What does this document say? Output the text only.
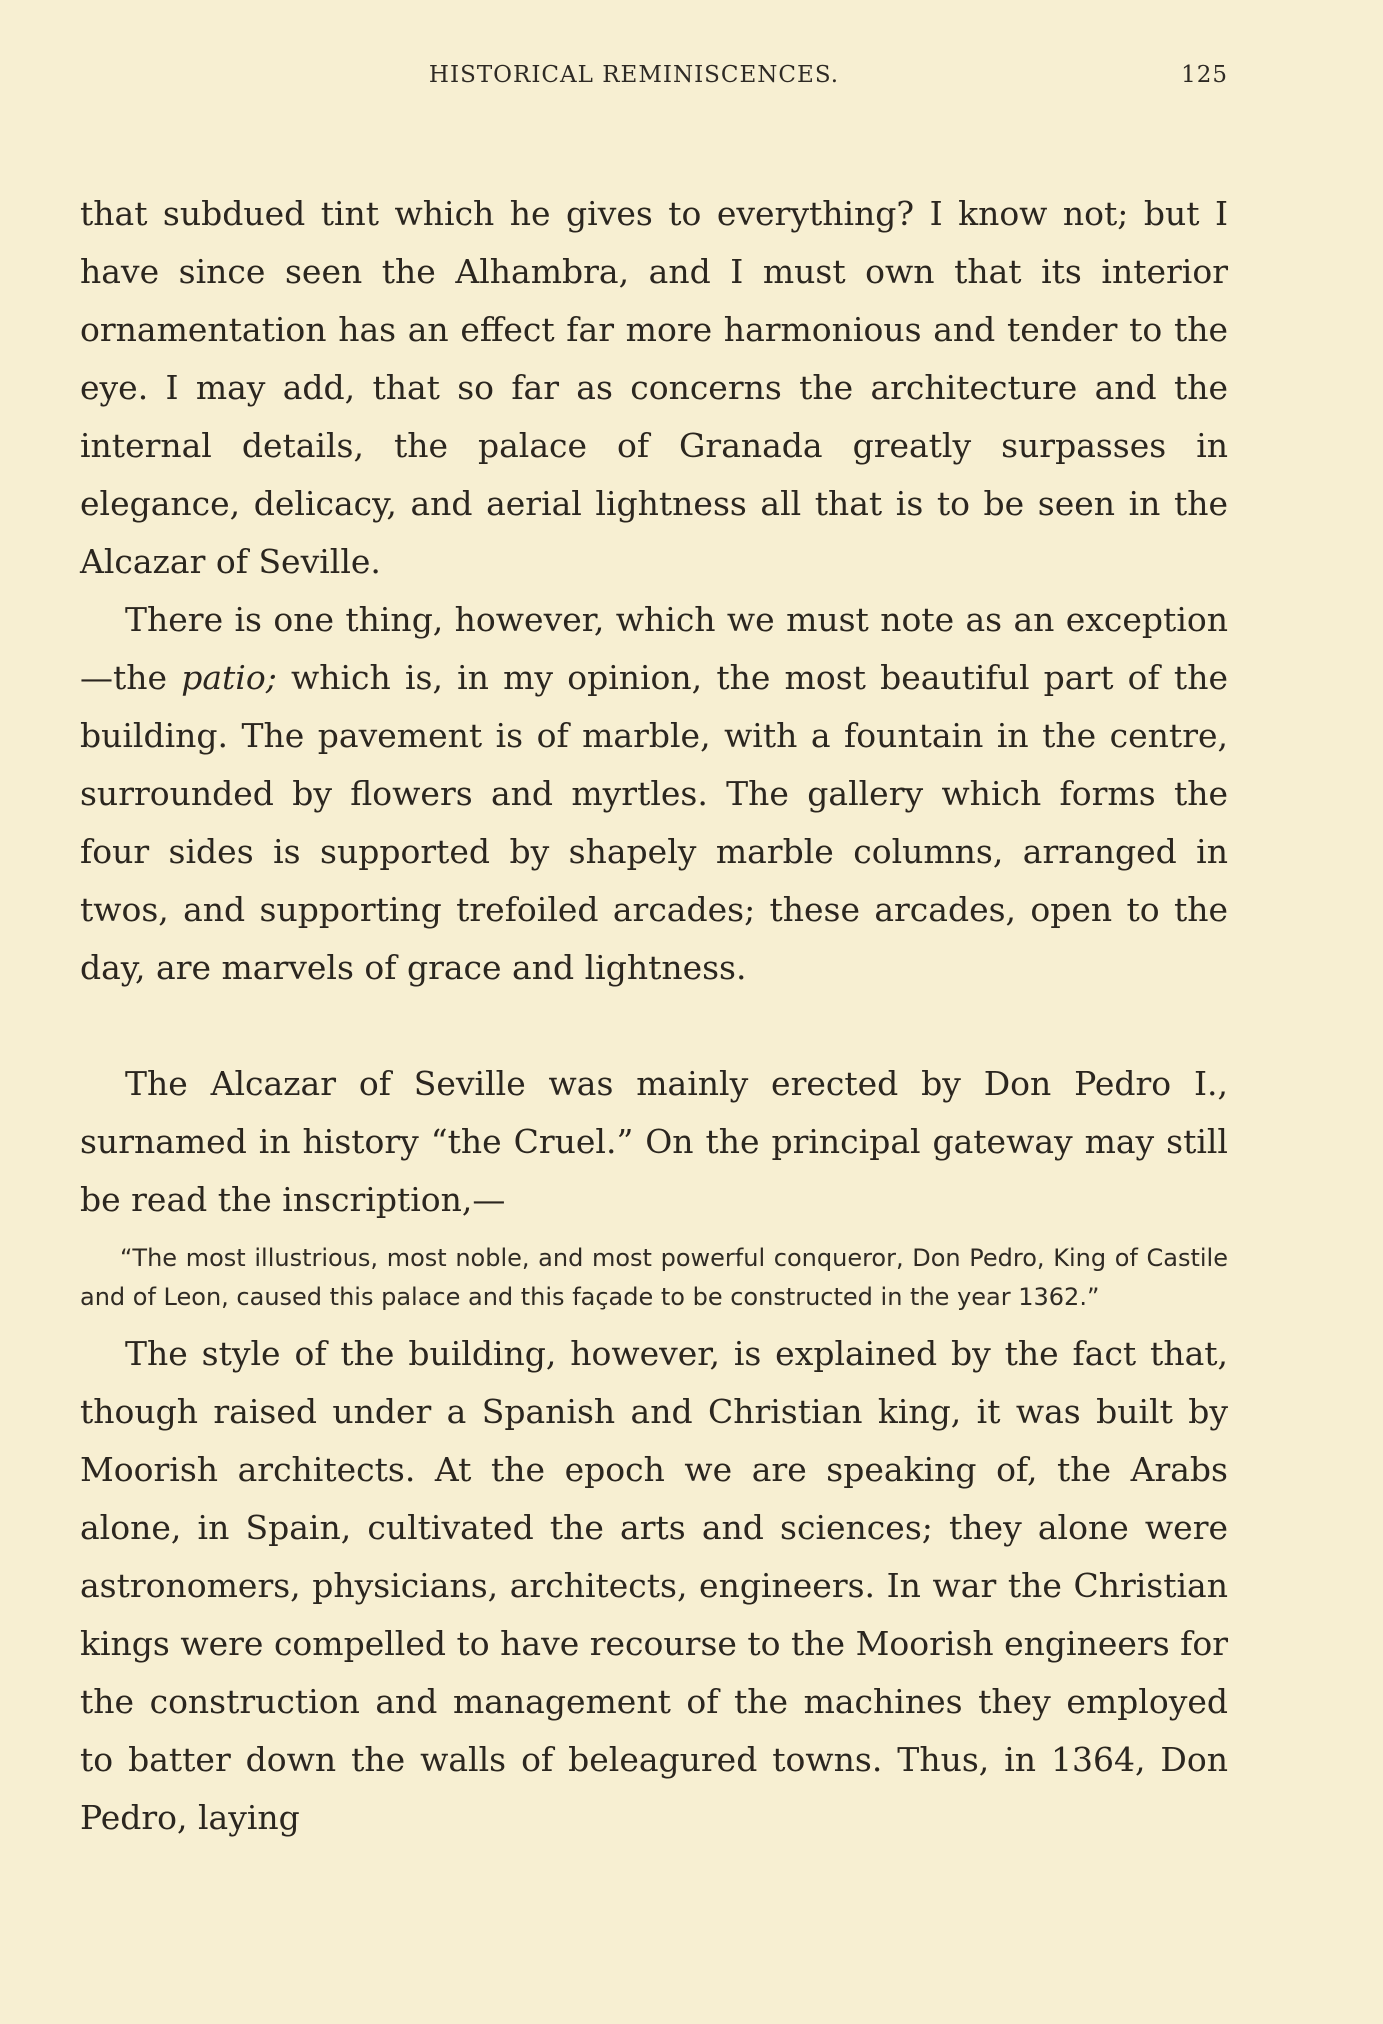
HISTORICAL REMINISCENCES.	125

that subdued tint which he gives to everything? I know not; but I have since seen the Alhambra, and I must own that its interior ornamentation has an effect far more harmonious and tender to the eye. I may add, that so far as concerns the architecture and the internal details, the palace of Granada greatly surpasses in elegance, delicacy, and aerial lightness all that is to be seen in the Alcazar of Seville.

There is one thing, however, which we must note as an exception—the patio; which is, in my opinion, the most beautiful part of the building. The pavement is of marble, with a fountain in the centre, surrounded by flowers and myrtles. The gallery which forms the four sides is supported by shapely marble columns, arranged in twos, and supporting trefoiled arcades; these arcades, open to the day, are marvels of grace and lightness.

The Alcazar of Seville was mainly erected by Don Pedro I., surnamed in history “the Cruel.” On the principal gateway may still be read the inscription,—

“The most illustrious, most noble, and most powerful conqueror, Don Pedro, King of Castile and of Leon, caused this palace and this façade to be constructed in the year 1362.”

The style of the building, however, is explained by the fact that, though raised under a Spanish and Christian king, it was built by Moorish architects. At the epoch we are speaking of, the Arabs alone, in Spain, cultivated the arts and sciences; they alone were astronomers, physicians, architects, engineers. In war the Christian kings were compelled to have recourse to the Moorish engineers for the construction and management of the machines they employed to batter down the walls of beleagured towns. Thus, in 1364, Don Pedro, laying
